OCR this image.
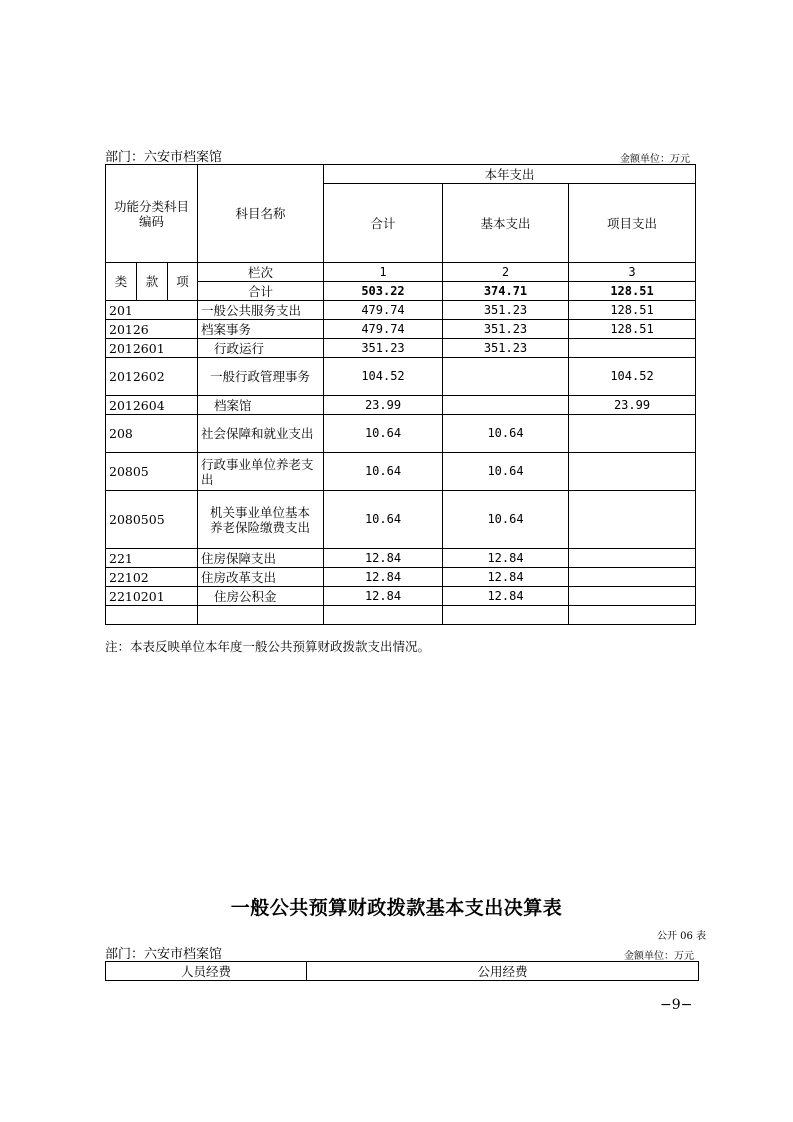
部门：六安市档案馆	金额单位：万元
功能分类科目编码			科目名称	本年支出		
				合计	基本支出	项目支出
类	款	项	栏次	1	2	3
			合计	503.22	374.71	128.51
201			一般公共服务支出	479.74	351.23	128.51
20126			档案事务	479.74	351.23	128.51
2012601			行政运行	351.23	351.23	
2012602			一般行政管理事务	104.52		104.52
2012604			档案馆	23.99		23.99
208			社会保障和就业支出	10.64	10.64	
20805			行政事业单位养老支出	10.64	10.64	
2080505			机关事业单位基本养老保险缴费支出	10.64	10.64	
221			住房保障支出	12.84	12.84	
22102			住房改革支出	12.84	12.84	
2210201			住房公积金	12.84	12.84	

注：本表反映单位本年度一般公共预算财政拨款支出情况。
一般公共预算财政拨款基本支出决算表
公开 06 表
部门：六安市档案馆	金额单位：万元
人员经费	公用经费
−9−
